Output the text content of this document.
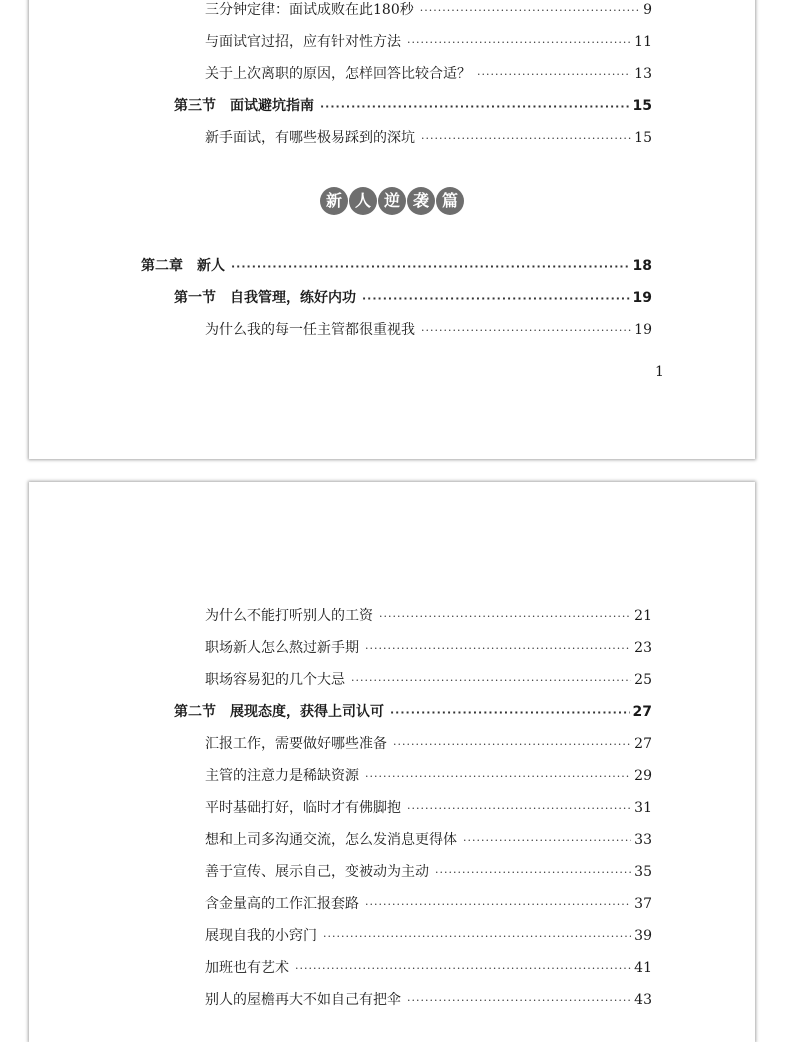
三分钟定律：面试成败在此180秒 ·····	9
与面试官过招，应有针对性方法 ·····	11
关于上次离职的原因，怎样回答比较合适？ ·····	13
第三节　面试避坑指南 ·····	15
新手面试，有哪些极易踩到的深坑 ·····	15
新 人 逆 袭 篇
第二章　新人 ·····	18
第一节　自我管理，练好内功 ·····	19
为什么我的每一任主管都很重视我 ·····	19
1
为什么不能打听别人的工资 ·····	21
职场新人怎么熬过新手期 ·····	23
职场容易犯的几个大忌 ·····	25
第二节　展现态度，获得上司认可 ·····	27
汇报工作，需要做好哪些准备 ·····	27
主管的注意力是稀缺资源 ·····	29
平时基础打好，临时才有佛脚抱 ·····	31
想和上司多沟通交流，怎么发消息更得体 ·····	33
善于宣传、展示自己，变被动为主动 ·····	35
含金量高的工作汇报套路 ·····	37
展现自我的小窍门 ·····	39
加班也有艺术 ·····	41
别人的屋檐再大不如自己有把伞 ·····	43
